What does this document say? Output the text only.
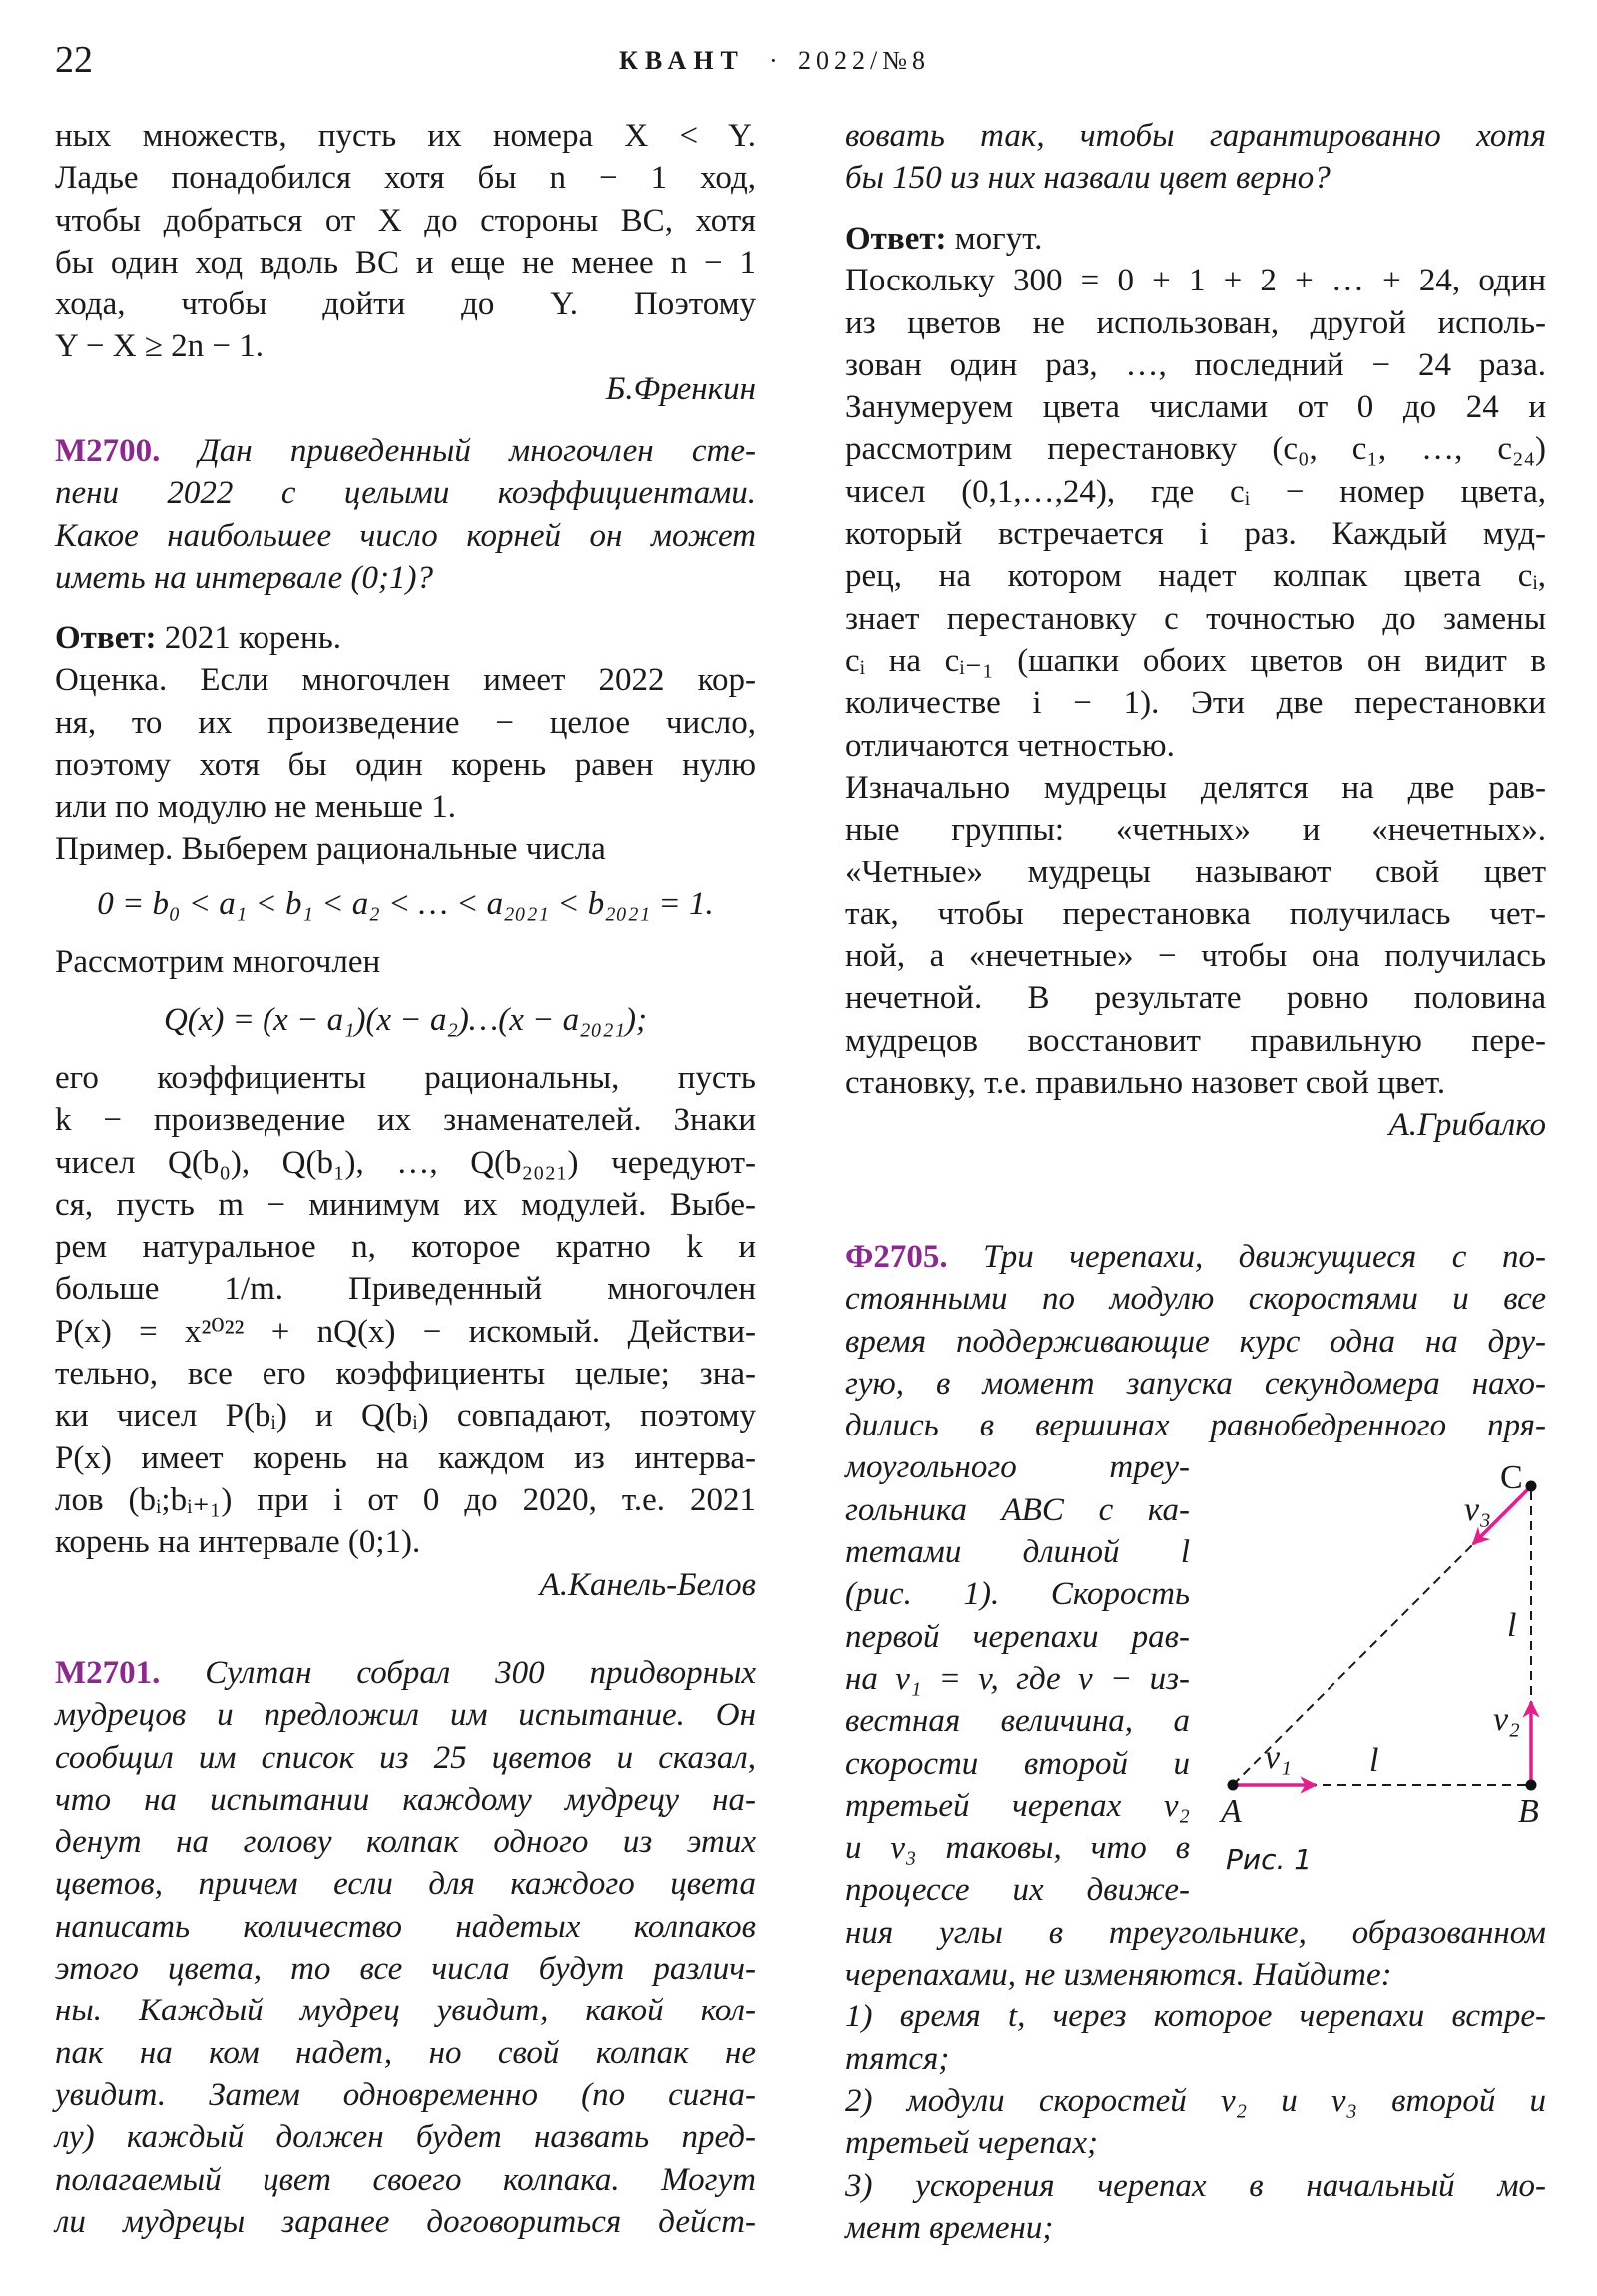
22	КВАНТ · 2022/№8
ных множеств, пусть их номера X < Y.
Ладье понадобился хотя бы n − 1 ход,
чтобы добраться от X до стороны BC, хотя
бы один ход вдоль BC и еще не менее n − 1
хода, чтобы дойти до Y. Поэтому
Y − X ≥ 2n − 1.
Б.Френкин
М2700. Дан приведенный многочлен сте-
пени 2022 с целыми коэффициентами.
Какое наибольшее число корней он может
иметь на интервале (0;1)?
Ответ: 2021 корень.
Оценка. Если многочлен имеет 2022 кор-
ня, то их произведение − целое число,
поэтому хотя бы один корень равен нулю
или по модулю не меньше 1.
Пример. Выберем рациональные числа
0 = b₀ < a₁ < b₁ < a₂ < … < a₂₀₂₁ < b₂₀₂₁ = 1.
Рассмотрим многочлен
Q(x) = (x − a₁)(x − a₂)…(x − a₂₀₂₁);
его коэффициенты рациональны, пусть
k − произведение их знаменателей. Знаки
чисел Q(b₀), Q(b₁), …, Q(b₂₀₂₁) чередуют-
ся, пусть m − минимум их модулей. Выбе-
рем натуральное n, которое кратно k и
больше 1/m. Приведенный многочлен
P(x) = x²⁰²² + nQ(x) − искомый. Действи-
тельно, все его коэффициенты целые; зна-
ки чисел P(bᵢ) и Q(bᵢ) совпадают, поэтому
P(x) имеет корень на каждом из интерва-
лов (bᵢ;bᵢ₊₁) при i от 0 до 2020, т.е. 2021
корень на интервале (0;1).
А.Канель-Белов
М2701. Султан собрал 300 придворных
мудрецов и предложил им испытание. Он
сообщил им список из 25 цветов и сказал,
что на испытании каждому мудрецу на-
денут на голову колпак одного из этих
цветов, причем если для каждого цвета
написать количество надетых колпаков
этого цвета, то все числа будут различ-
ны. Каждый мудрец увидит, какой кол-
пак на ком надет, но свой колпак не
увидит. Затем одновременно (по сигна-
лу) каждый должен будет назвать пред-
полагаемый цвет своего колпака. Могут
ли мудрецы заранее договориться дейст-
вовать так, чтобы гарантированно хотя
бы 150 из них назвали цвет верно?
Ответ: могут.
Поскольку 300 = 0 + 1 + 2 + … + 24, один
из цветов не использован, другой исполь-
зован один раз, …, последний − 24 раза.
Занумеруем цвета числами от 0 до 24 и
рассмотрим перестановку (c₀, c₁, …, c₂₄)
чисел (0,1,…,24), где cᵢ − номер цвета,
который встречается i раз. Каждый муд-
рец, на котором надет колпак цвета cᵢ,
знает перестановку с точностью до замены
cᵢ на cᵢ₋₁ (шапки обоих цветов он видит в
количестве i − 1). Эти две перестановки
отличаются четностью.
Изначально мудрецы делятся на две рав-
ные группы: «четных» и «нечетных».
«Четные» мудрецы называют свой цвет
так, чтобы перестановка получилась чет-
ной, а «нечетные» − чтобы она получилась
нечетной. В результате ровно половина
мудрецов восстановит правильную пере-
становку, т.е. правильно назовет свой цвет.
А.Грибалко
Ф2705. Три черепахи, движущиеся с по-
стоянными по модулю скоростями и все
время поддерживающие курс одна на дру-
гую, в момент запуска секундомера нахо-
дились в вершинах равнобедренного пря-
моугольного треу-
гольника ABC с ка-
тетами длиной l
(рис. 1). Скорость
первой черепахи рав-
на v₁ = v, где v − из-
вестная величина, а
скорости второй и
третьей черепах v₂
и v₃ таковы, что в
процессе их движе-
ния углы в треугольнике, образованном
черепахами, не изменяются. Найдите:
1) время t, через которое черепахи встре-
тятся;
2) модули скоростей v₂ и v₃ второй и
третьей черепах;
3) ускорения черепах в начальный мо-
мент времени;
A	B
C
l
l
v₁
v₂
v₃
Рис. 1
